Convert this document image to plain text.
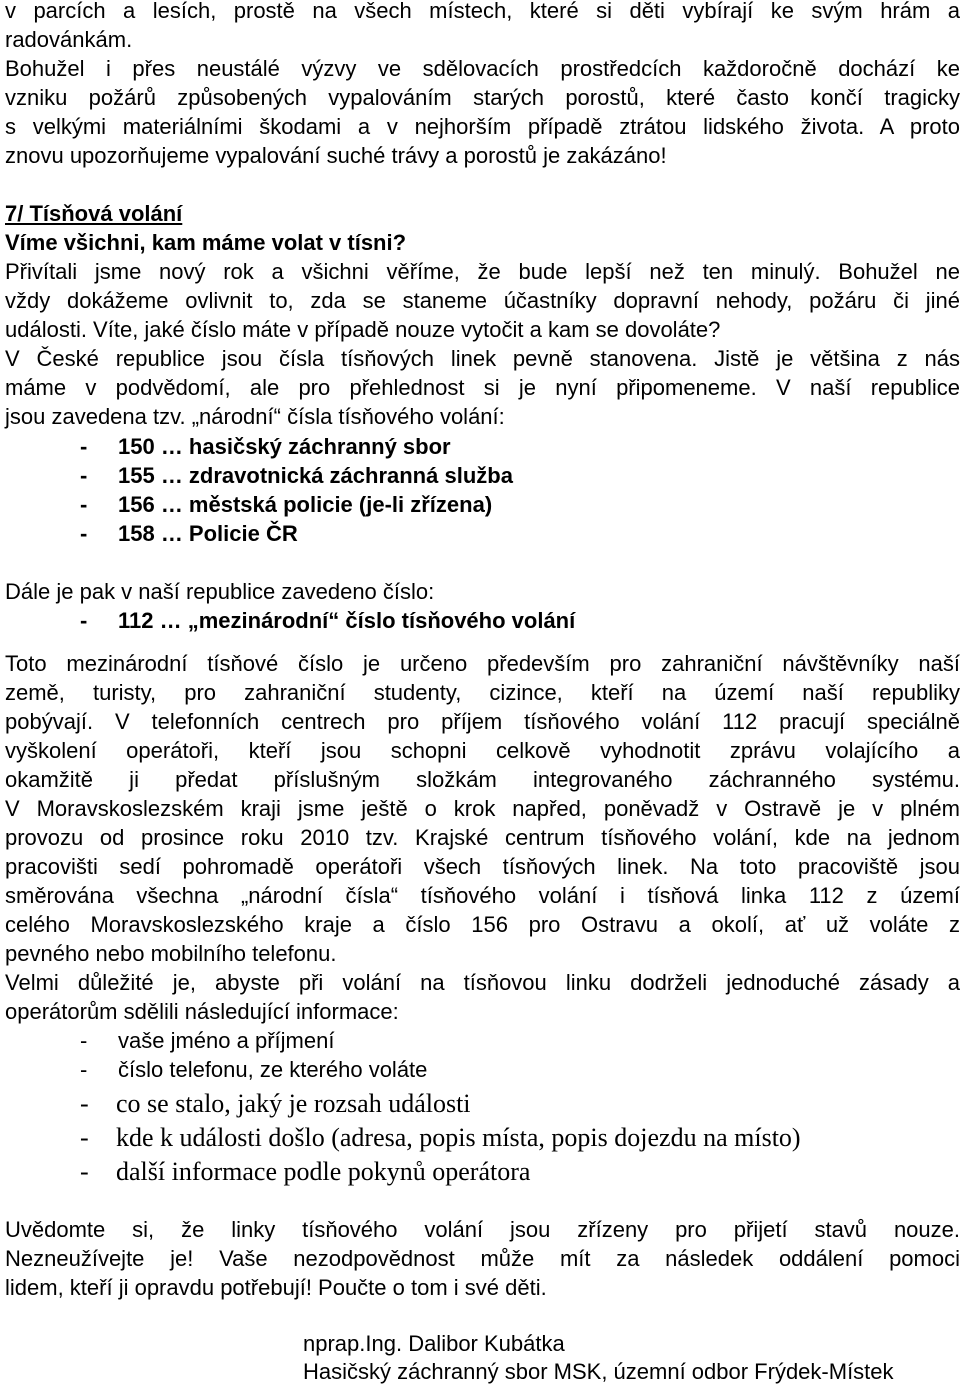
v parcích a lesích, prostě na všech místech, které si děti vybírají ke svým hrám a
radovánkám.
Bohužel i přes neustálé výzvy ve sdělovacích prostředcích každoročně dochází ke
vzniku požárů způsobených vypalováním starých porostů, které často končí tragicky
s velkými materiálními škodami a v nejhorším případě ztrátou lidského života. A proto
znovu upozorňujeme vypalování suché trávy a porostů je zakázáno!
7/ Tísňová volání
Víme všichni, kam máme volat v tísni?
Přivítali jsme nový rok a všichni věříme, že bude lepší než ten minulý. Bohužel ne
vždy dokážeme ovlivnit to, zda se staneme účastníky dopravní nehody, požáru či jiné
události. Víte, jaké číslo máte v případě nouze vytočit a kam se dovoláte?
V České republice jsou čísla tísňových linek pevně stanovena. Jistě je většina z nás
máme v podvědomí, ale pro přehlednost si je nyní připomeneme. V naší republice
jsou zavedena tzv. „národní“ čísla tísňového volání:
- 150 … hasičský záchranný sbor
- 155 … zdravotnická záchranná služba
- 156 … městská policie (je-li zřízena)
- 158 … Policie ČR
Dále je pak v naší republice zavedeno číslo:
- 112 … „mezinárodní“ číslo tísňového volání
Toto mezinárodní tísňové číslo je určeno především pro zahraniční návštěvníky naší
země, turisty, pro zahraniční studenty, cizince, kteří na území naší republiky
pobývají. V telefonních centrech pro příjem tísňového volání 112 pracují speciálně
vyškolení operátoři, kteří jsou schopni celkově vyhodnotit zprávu volajícího a
okamžitě ji předat příslušným složkám integrovaného záchranného systému.
V Moravskoslezském kraji jsme ještě o krok napřed, poněvadž v Ostravě je v plném
provozu od prosince roku 2010 tzv. Krajské centrum tísňového volání, kde na jednom
pracovišti sedí pohromadě operátoři všech tísňových linek. Na toto pracoviště jsou
směrována všechna „národní čísla“ tísňového volání i tísňová linka 112 z území
celého Moravskoslezského kraje a číslo 156 pro Ostravu a okolí, ať už voláte z
pevného nebo mobilního telefonu.
Velmi důležité je, abyste při volání na tísňovou linku dodrželi jednoduché zásady a
operátorům sdělili následující informace:
- vaše jméno a příjmení
- číslo telefonu, ze kterého voláte
- co se stalo, jaký je rozsah události
- kde k události došlo (adresa, popis místa, popis dojezdu na místo)
- další informace podle pokynů operátora
Uvědomte si, že linky tísňového volání jsou zřízeny pro přijetí stavů nouze.
Nezneužívejte je! Vaše nezodpovědnost může mít za následek oddálení pomoci
lidem, kteří ji opravdu potřebují! Poučte o tom i své děti.
nprap.Ing. Dalibor Kubátka
Hasičský záchranný sbor MSK, územní odbor Frýdek-Místek
